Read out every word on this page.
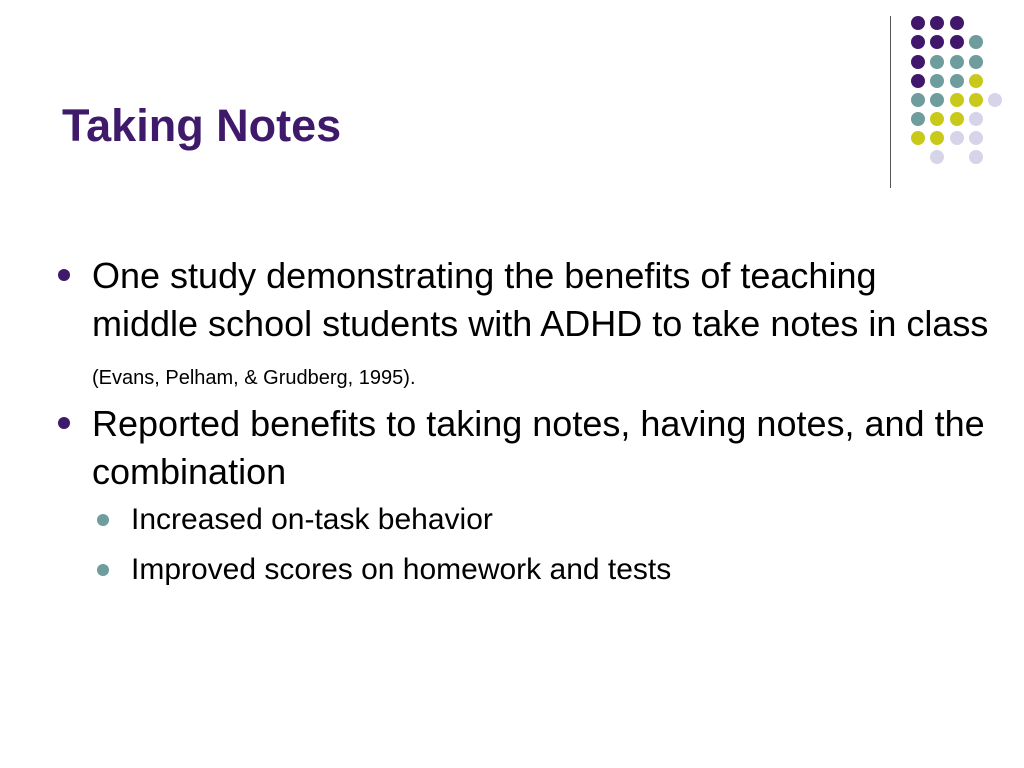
Taking Notes
One study demonstrating the benefits of teaching middle school students with ADHD to take notes in class (Evans, Pelham, & Grudberg, 1995).
Reported benefits to taking notes, having notes, and the combination
Increased on-task behavior
Improved scores on homework and tests
